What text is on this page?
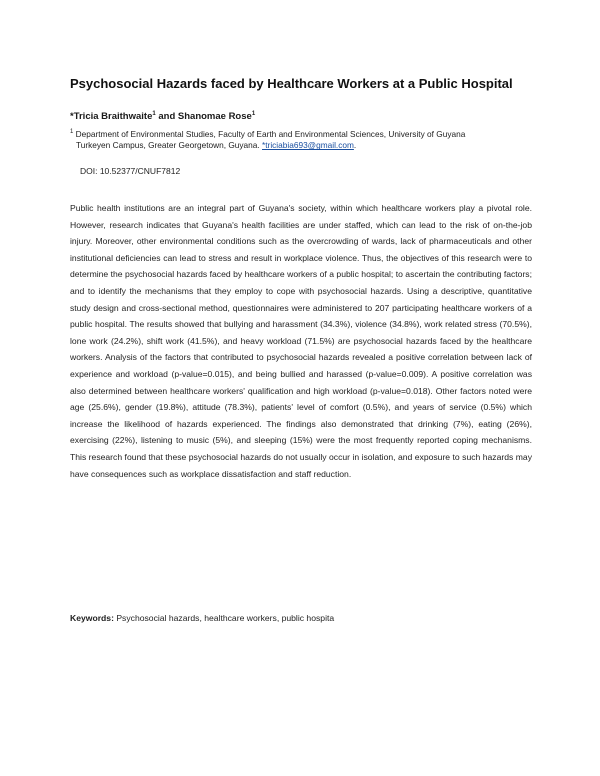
Psychosocial Hazards faced by Healthcare Workers at a Public Hospital
*Tricia Braithwaite$^1$ and Shanomae Rose$^1$
$^1$ Department of Environmental Studies, Faculty of Earth and Environmental Sciences, University of Guyana
Turkeyen Campus, Greater Georgetown, Guyana. *triciabia693@gmail.com.
DOI: 10.52377/CNUF7812
Public health institutions are an integral part of Guyana's society, within which healthcare workers play a pivotal role. However, research indicates that Guyana's health facilities are under staffed, which can lead to the risk of on-the-job injury. Moreover, other environmental conditions such as the overcrowding of wards, lack of pharmaceuticals and other institutional deficiencies can lead to stress and result in workplace violence. Thus, the objectives of this research were to determine the psychosocial hazards faced by healthcare workers of a public hospital; to ascertain the contributing factors; and to identify the mechanisms that they employ to cope with psychosocial hazards. Using a descriptive, quantitative study design and cross-sectional method, questionnaires were administered to 207 participating healthcare workers of a public hospital. The results showed that bullying and harassment (34.3%), violence (34.8%), work related stress (70.5%), lone work (24.2%), shift work (41.5%), and heavy workload (71.5%) are psychosocial hazards faced by the healthcare workers. Analysis of the factors that contributed to psychosocial hazards revealed a positive correlation between lack of experience and workload (p-value=0.015), and being bullied and harassed (p-value=0.009). A positive correlation was also determined between healthcare workers' qualification and high workload (p-value=0.018). Other factors noted were age (25.6%), gender (19.8%), attitude (78.3%), patients' level of comfort (0.5%), and years of service (0.5%) which increase the likelihood of hazards experienced. The findings also demonstrated that drinking (7%), eating (26%), exercising (22%), listening to music (5%), and sleeping (15%) were the most frequently reported coping mechanisms. This research found that these psychosocial hazards do not usually occur in isolation, and exposure to such hazards may have consequences such as workplace dissatisfaction and staff reduction.
Keywords: Psychosocial hazards, healthcare workers, public hospita
